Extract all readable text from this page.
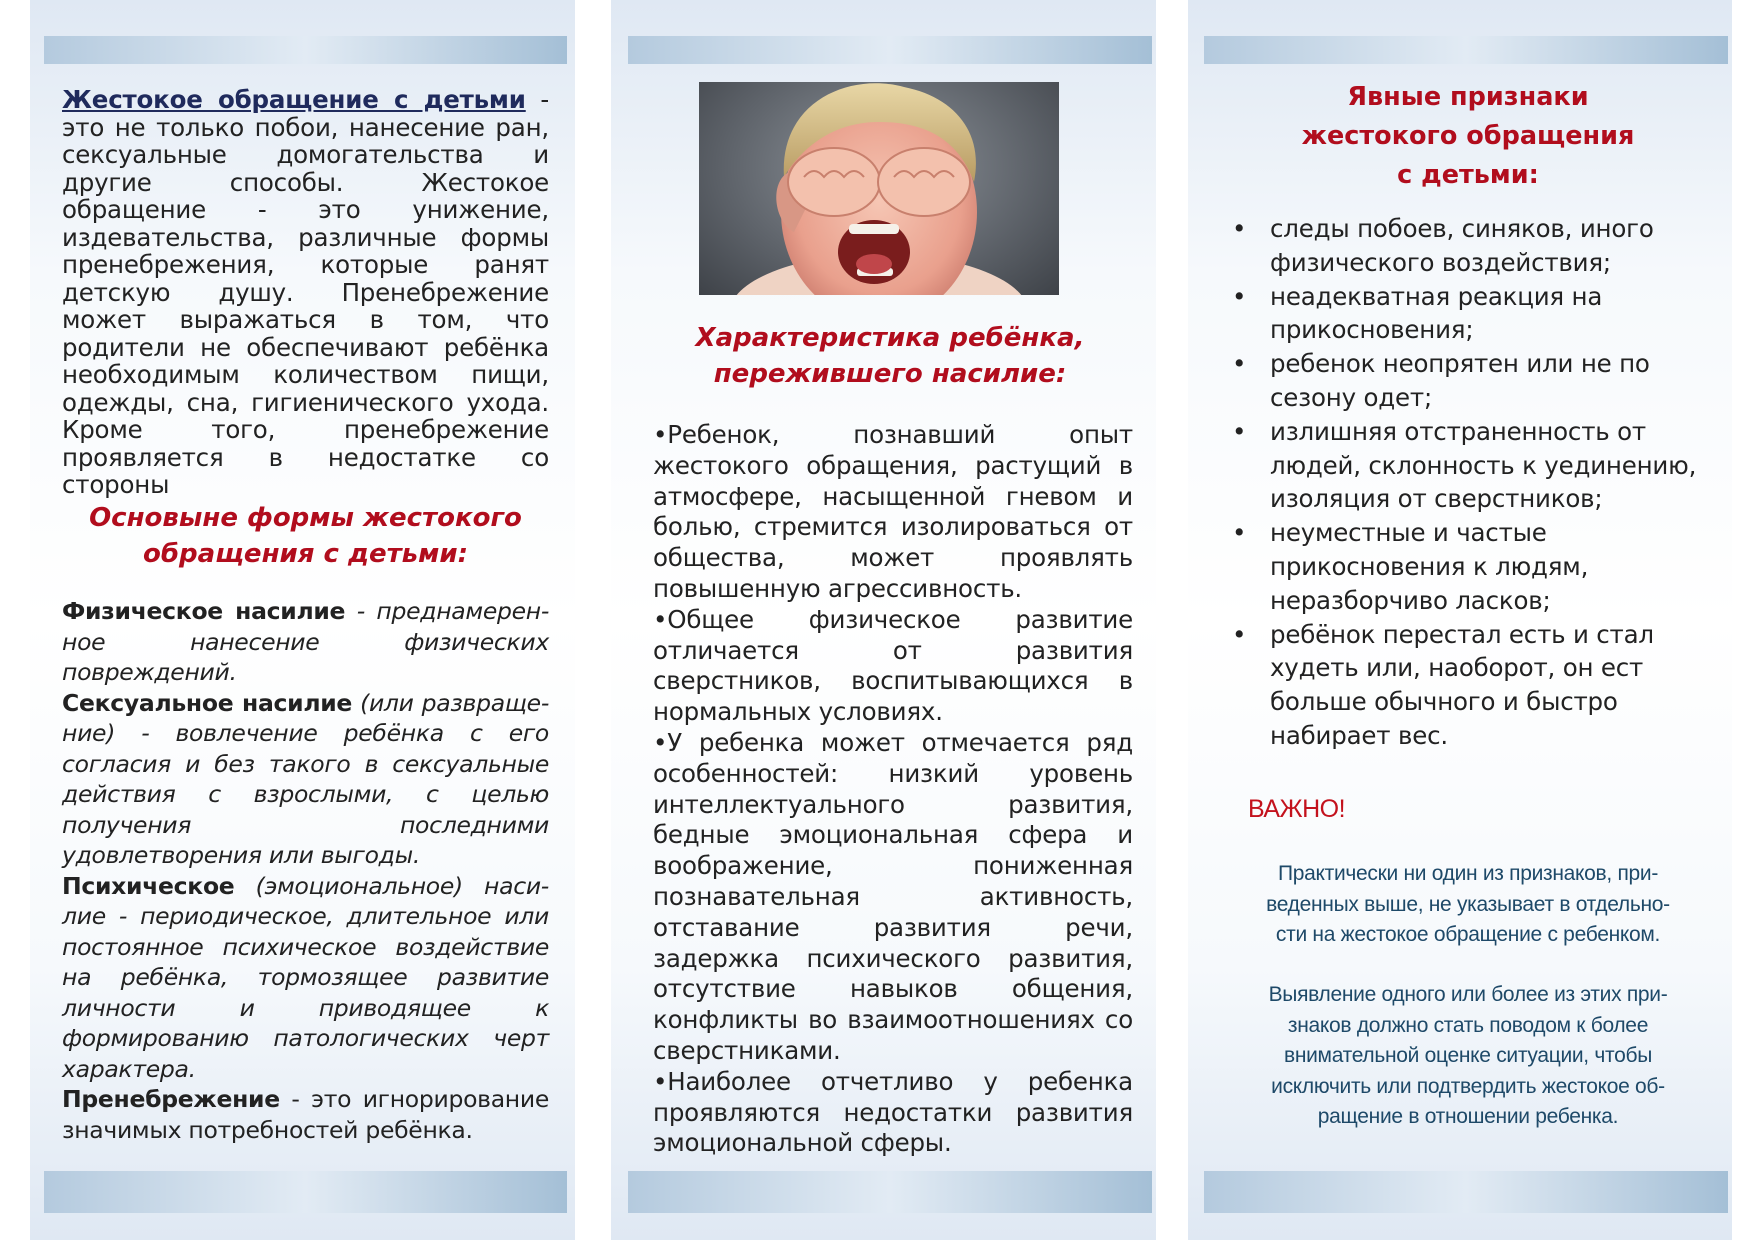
Жестокое обращение с детьми - это не только побои, нанесение ран, сексуальные домогательства и другие способы. Жестокое обращение - это унижение, издевательства, различные формы пренебрежения, которые ранят детскую душу. Пренебрежение может выражаться в том, что родители не обеспечивают ребёнка необходимым количеством пищи, одежды, сна, гигиенического ухода. Кроме того, пренебрежение проявляется в недостатке со стороны
Основыне формы жестокого
обращения с детьми:

Физическое насилие - преднамерен-ное нанесение физических повреждений.

Сексуальное насилие (или развраще-ние) - вовлечение ребёнка с его согласия и без такого в сексуальные действия с взрослыми, с целью получения последними удовлетворения или выгоды.

Психическое (эмоциональное) наси-лие - периодическое, длительное или постоянное психическое воздействие на ребёнка, тормозящее развитие личности и приводящее к формированию патологических черт характера.

Пренебрежение - это игнорирование значимых потребностей ребёнка.

Характеристика ребёнка,
пережившего насилие:

•Ребенок, познавший опыт жестокого обращения, растущий в атмосфере, насыщенной гневом и болью, стремится изолироваться от общества, может проявлять повышенную агрессивность.

•Общее физическое развитие отличается от развития сверстников, воспитывающихся в нормальных условиях.

•У ребенка может отмечается ряд особенностей: низкий уровень интеллектуального развития, бедные эмоциональная сфера и воображение, пониженная познавательная активность, отставание развития речи, задержка психического развития, отсутствие навыков общения, конфликты во взаимоотношениях со сверстниками.

•Наиболее отчетливо у ребенка проявляются недостатки развития эмоциональной сферы.

Явные признаки
жестокого обращения
с детьми:
• следы побоев, синяков, иного физического воздействия;
• неадекватная реакция на прикосновения;
• ребенок неопрятен или не по сезону одет;
• излишняя отстраненность от людей, склонность к уединению, изоляция от сверстников;
• неуместные и частые прикосновения к людям, неразборчиво ласков;
• ребёнок перестал есть и стал худеть или, наоборот, он ест больше обычного и быстро набирает вес.
ВАЖНО!
Практически ни один из признаков, при-
веденных выше, не указывает в отдельно-
сти на жестокое обращение с ребенком.
Выявление одного или более из этих при-
знаков должно стать поводом к более
внимательной оценке ситуации, чтобы
исключить или подтвердить жестокое об-
ращение в отношении ребенка.
